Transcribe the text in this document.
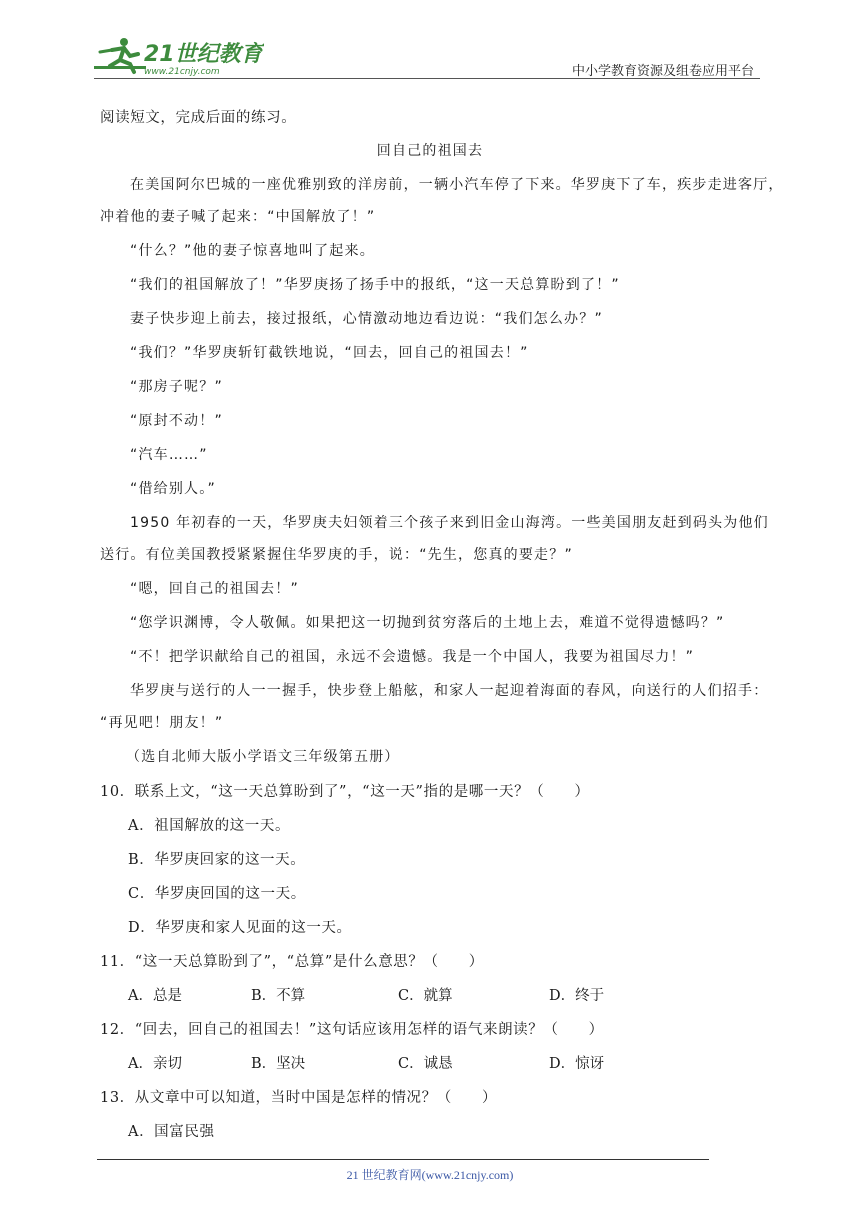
21世纪教育
www.21cnjy.com	中小学教育资源及组卷应用平台
阅读短文，完成后面的练习。
回自己的祖国去
在美国阿尔巴城的一座优雅别致的洋房前，一辆小汽车停了下来。华罗庚下了车，疾步走进客厅，
冲着他的妻子喊了起来：“中国解放了！”
“什么？”他的妻子惊喜地叫了起来。
“我们的祖国解放了！”华罗庚扬了扬手中的报纸，“这一天总算盼到了！”
妻子快步迎上前去，接过报纸，心情激动地边看边说：“我们怎么办？”
“我们？”华罗庚斩钉截铁地说，“回去，回自己的祖国去！”
“那房子呢？”
“原封不动！”
“汽车……”
“借给别人。”
1950 年初春的一天，华罗庚夫妇领着三个孩子来到旧金山海湾。一些美国朋友赶到码头为他们
送行。有位美国教授紧紧握住华罗庚的手，说：“先生，您真的要走？”
“嗯，回自己的祖国去！”
“您学识渊博，令人敬佩。如果把这一切抛到贫穷落后的土地上去，难道不觉得遗憾吗？”
“不！把学识献给自己的祖国，永远不会遗憾。我是一个中国人，我要为祖国尽力！”
华罗庚与送行的人一一握手，快步登上船舷，和家人一起迎着海面的春风，向送行的人们招手：
“再见吧！朋友！”
（选自北师大版小学语文三年级第五册）
10．联系上文，“这一天总算盼到了”，“这一天”指的是哪一天？（　　）
A．祖国解放的这一天。
B．华罗庚回家的这一天。
C．华罗庚回国的这一天。
D．华罗庚和家人见面的这一天。
11．“这一天总算盼到了”，“总算”是什么意思？（　　）
A．总是	B．不算	C．就算	D．终于
12．“回去，回自己的祖国去！”这句话应该用怎样的语气来朗读？（　　）
A．亲切	B．坚决	C．诚恳	D．惊讶
13．从文章中可以知道，当时中国是怎样的情况？（　　）
A．国富民强
21 世纪教育网(www.21cnjy.com)
